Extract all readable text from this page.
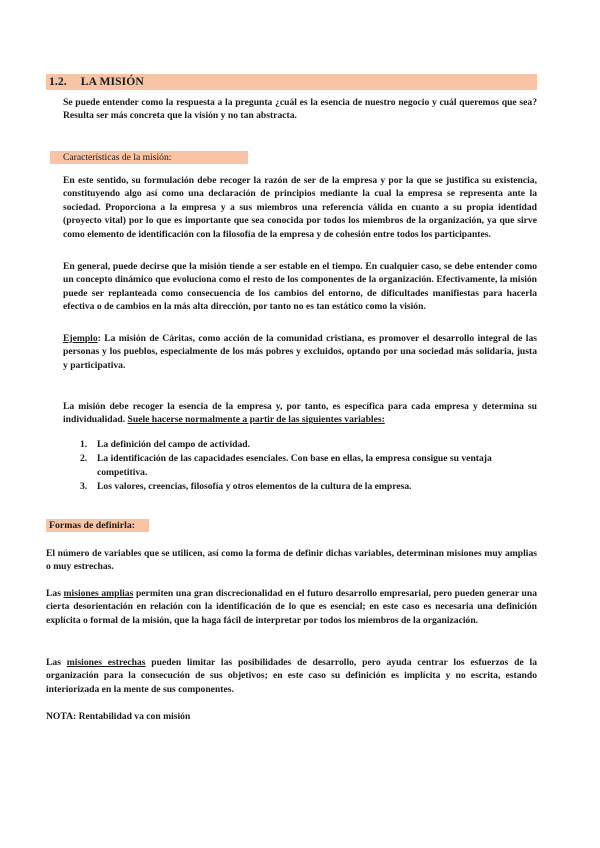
1.2. LA MISIÓN
Se puede entender como la respuesta a la pregunta ¿cuál es la esencia de nuestro negocio y cuál queremos que sea? Resulta ser más concreta que la visión y no tan abstracta.
Características de la misión:
En este sentido, su formulación debe recoger la razón de ser de la empresa y por la que se justifica su existencia, constituyendo algo así como una declaración de principios mediante la cual la empresa se representa ante la sociedad. Proporciona a la empresa y a sus miembros una referencia válida en cuanto a su propia identidad (proyecto vital) por lo que es importante que sea conocida por todos los miembros de la organización, ya que sirve como elemento de identificación con la filosofía de la empresa y de cohesión entre todos los participantes.
En general, puede decirse que la misión tiende a ser estable en el tiempo. En cualquier caso, se debe entender como un concepto dinámico que evoluciona como el resto de los componentes de la organización. Efectivamente, la misión puede ser replanteada como consecuencia de los cambios del entorno, de dificultades manifiestas para hacerla efectiva o de cambios en la más alta dirección, por tanto no es tan estático como la visión.
Ejemplo: La misión de Cáritas, como acción de la comunidad cristiana, es promover el desarrollo integral de las personas y los pueblos, especialmente de los más pobres y excluidos, optando por una sociedad más solidaria, justa y participativa.
La misión debe recoger la esencia de la empresa y, por tanto, es específica para cada empresa y determina su individualidad. Suele hacerse normalmente a partir de las siguientes variables:
1. La definición del campo de actividad.
2. La identificación de las capacidades esenciales. Con base en ellas, la empresa consigue su ventaja competitiva.
3. Los valores, creencias, filosofía y otros elementos de la cultura de la empresa.
Formas de definirla:
El número de variables que se utilicen, así como la forma de definir dichas variables, determinan misiones muy amplias o muy estrechas.
Las misiones amplias permiten una gran discrecionalidad en el futuro desarrollo empresarial, pero pueden generar una cierta desorientación en relación con la identificación de lo que es esencial; en este caso es necesaria una definición explícita o formal de la misión, que la haga fácil de interpretar por todos los miembros de la organización.
Las misiones estrechas pueden limitar las posibilidades de desarrollo, pero ayuda centrar los esfuerzos de la organización para la consecución de sus objetivos; en este caso su definición es implícita y no escrita, estando interiorizada en la mente de sus componentes.
NOTA: Rentabilidad va con misión
